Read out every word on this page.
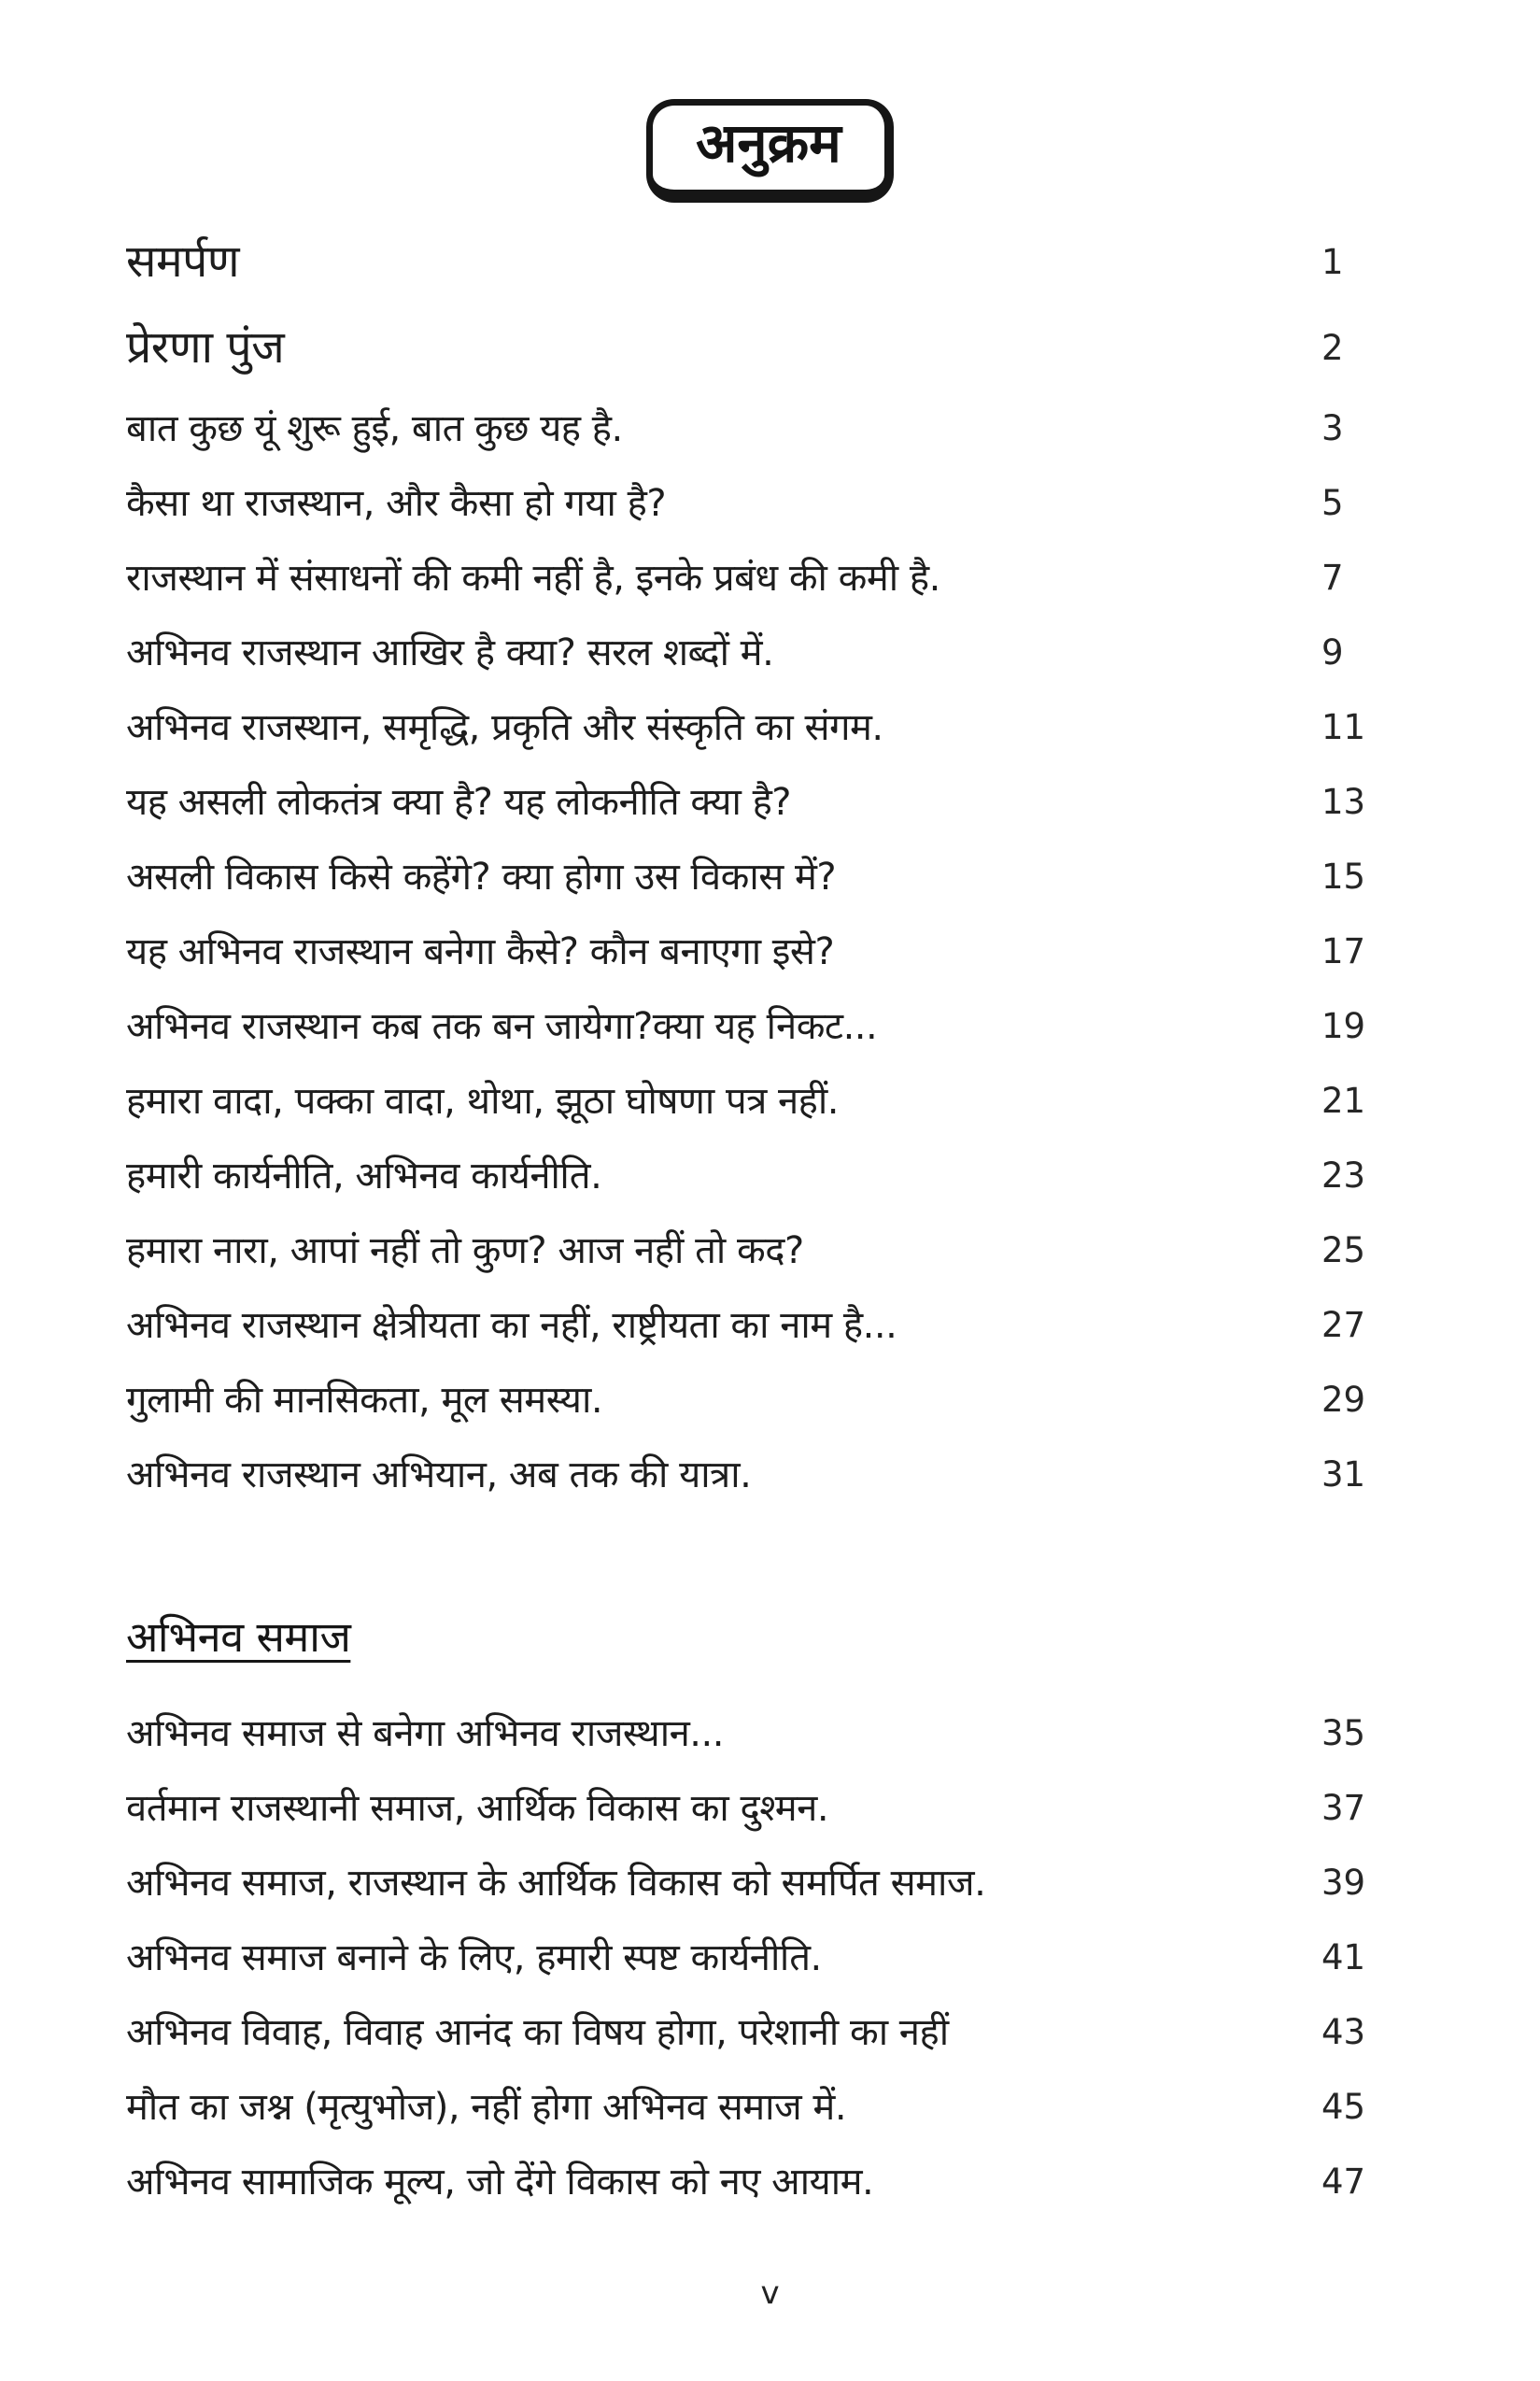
अनुक्रम
समर्पण	1
प्रेरणा पुंज	2
बात कुछ यूं शुरू हुई, बात कुछ यह है.	3
कैसा था राजस्थान, और कैसा हो गया है?	5
राजस्थान में संसाधनों की कमी नहीं है, इनके प्रबंध की कमी है.	7
अभिनव राजस्थान आखिर है क्या? सरल शब्दों में.	9
अभिनव राजस्थान, समृद्धि, प्रकृति और संस्कृति का संगम.	11
यह असली लोकतंत्र क्या है? यह लोकनीति क्या है?	13
असली विकास किसे कहेंगे? क्या होगा उस विकास में?	15
यह अभिनव राजस्थान बनेगा कैसे? कौन बनाएगा इसे?	17
अभिनव राजस्थान कब तक बन जायेगा?क्या यह निकट...	19
हमारा वादा, पक्का वादा, थोथा, झूठा घोषणा पत्र नहीं.	21
हमारी कार्यनीति, अभिनव कार्यनीति.	23
हमारा नारा, आपां नहीं तो कुण? आज नहीं तो कद?	25
अभिनव राजस्थान क्षेत्रीयता का नहीं, राष्ट्रीयता का नाम है...	27
गुलामी की मानसिकता, मूल समस्या.	29
अभिनव राजस्थान अभियान, अब तक की यात्रा.	31
अभिनव समाज
अभिनव समाज से बनेगा अभिनव राजस्थान...	35
वर्तमान राजस्थानी समाज, आर्थिक विकास का दुश्मन.	37
अभिनव समाज, राजस्थान के आर्थिक विकास को समर्पित समाज.	39
अभिनव समाज बनाने के लिए, हमारी स्पष्ट कार्यनीति.	41
अभिनव विवाह, विवाह आनंद का विषय होगा, परेशानी का नहीं	43
मौत का जश्न (मृत्युभोज), नहीं होगा अभिनव समाज में.	45
अभिनव सामाजिक मूल्य, जो देंगे विकास को नए आयाम.	47
v
